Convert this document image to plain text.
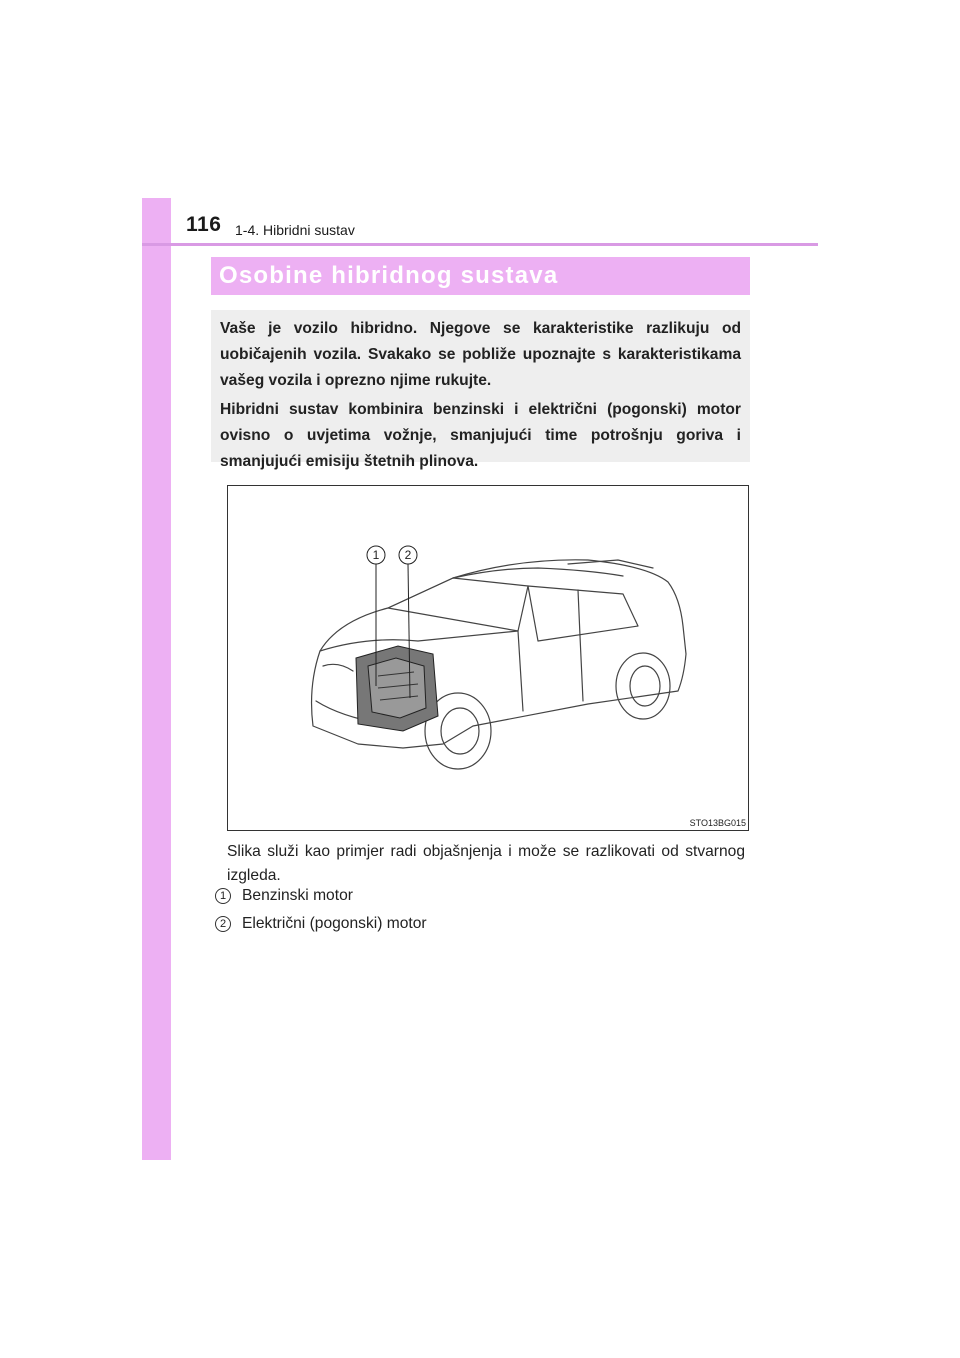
116 1-4. Hibridni sustav
Osobine hibridnog sustava

Vaše je vozilo hibridno. Njegove se karakteristike razlikuju od uobičajenih vozila. Svakako se pobliže upoznajte s karakteristikama vašeg vozila i oprezno njime rukujte.

Hibridni sustav kombinira benzinski i električni (pogonski) motor ovisno o uvjetima vožnje, smanjujući time potrošnju goriva i smanjujući emisiju štetnih plinova.

1 2
STO13BG015
Slika služi kao primjer radi objašnjenja i može se razlikovati od stvarnog izgleda.
1	Benzinski motor
2	Električni (pogonski) motor
